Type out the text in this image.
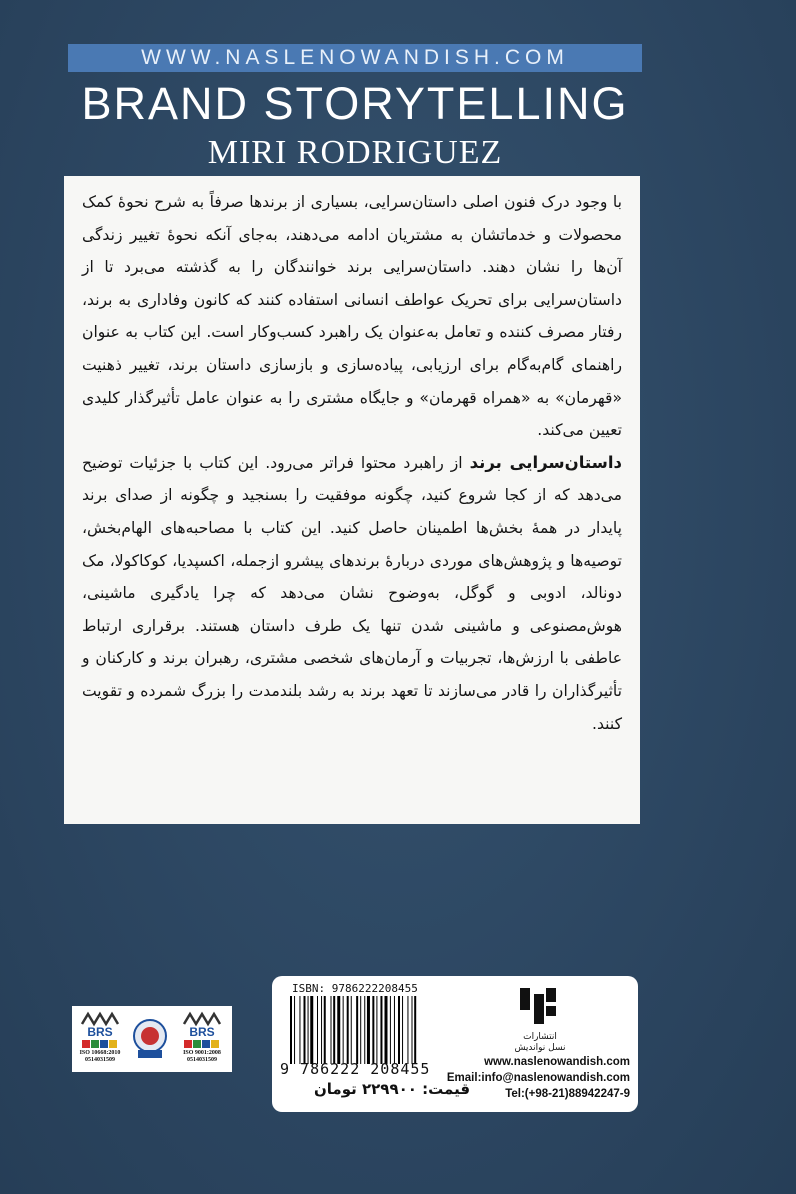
WWW.NASLENOWANDISH.COM
BRAND STORYTELLING
MIRI RODRIGUEZ

با وجود درک فنون اصلی داستان‌سرایی، بسیاری از برندها صرفاً به شرح نحوهٔ کمک محصولات و خدماتشان به مشتریان ادامه می‌دهند، به‌جای آنکه نحوهٔ تغییر زندگی آن‌ها را نشان دهند. داستان‌سرایی برند خوانندگان را به گذشته می‌برد تا از داستان‌سرایی برای تحریک عواطف انسانی استفاده کنند که کانون وفاداری به برند، رفتار مصرف کننده و تعامل به‌عنوان یک راهبرد کسب‌وکار است. این کتاب به عنوان راهنمای گام‌به‌گام برای ارزیابی، پیاده‌سازی و بازسازی داستان برند، تغییر ذهنیت «قهرمان» به «همراه قهرمان» و جایگاه مشتری را به عنوان عامل تأثیرگذار کلیدی تعیین می‌کند.

داستان‌سرایی برند از راهبرد محتوا فراتر می‌رود. این کتاب با جزئیات توضیح می‌دهد که از کجا شروع کنید، چگونه موفقیت را بسنجید و چگونه از صدای برند پایدار در همهٔ بخش‌ها اطمینان حاصل کنید. این کتاب با مصاحبه‌های الهام‌بخش، توصیه‌ها و پژوهش‌های موردی دربارهٔ برندهای پیشرو ازجمله، اکسپدیا، کوکاکولا، مک دونالد، ادوبی و گوگل، به‌وضوح نشان می‌دهد که چرا یادگیری ماشینی، هوش‌مصنوعی و ماشینی شدن تنها یک طرف داستان هستند. برقراری ارتباط عاطفی با ارزش‌ها، تجربیات و آرمان‌های شخصی مشتری، رهبران برند و کارکنان و تأثیرگذاران را قادر می‌سازند تا تعهد برند به رشد بلندمدت را بزرگ شمرده و تقویت کنند.

BRS
ISO 10668:2010
0514031509
BRS
ISO 9001:2008
0514031509
ISBN: 9786222208455
9 786222 208455
قیمت: ۲۲۹۹۰۰ تومان
انتشارات
نسل نواندیش
www.naslenowandish.com
Email:info@naslenowandish.com
Tel:(+98-21)88942247-9
